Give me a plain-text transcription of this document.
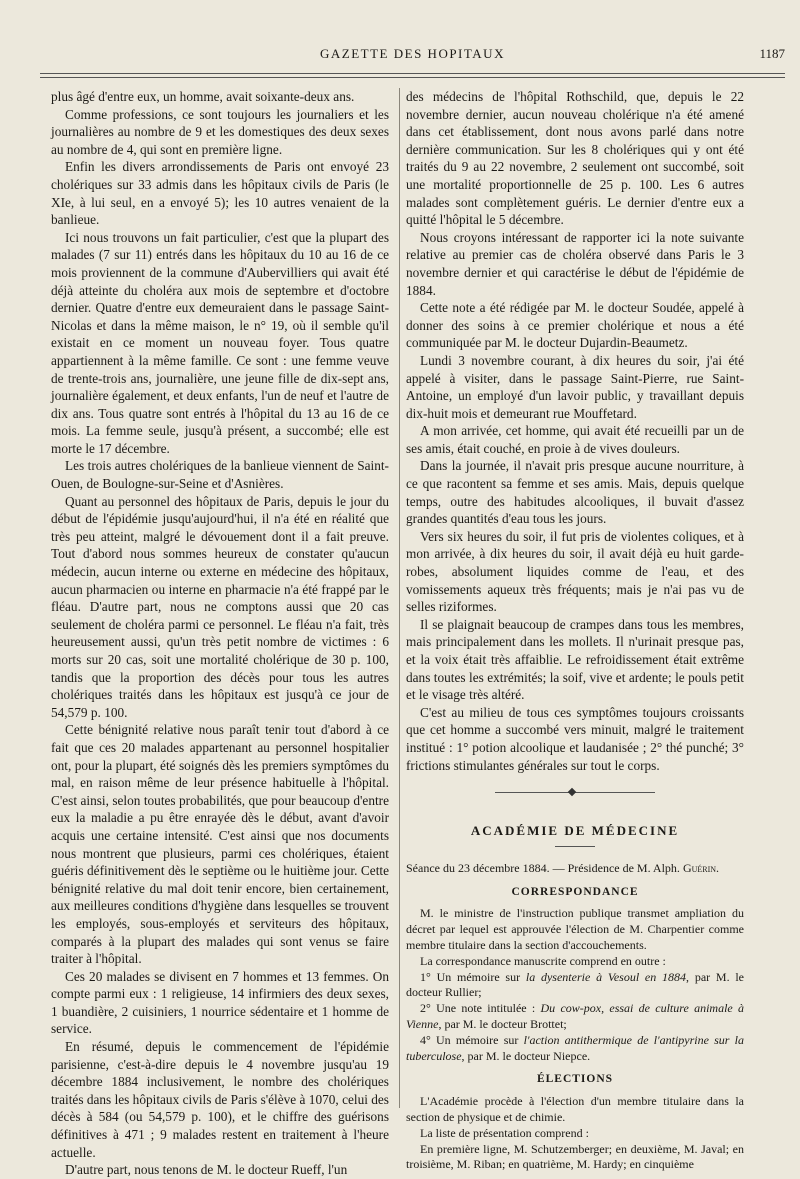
GAZETTE DES HOPITAUX	1187

plus âgé d'entre eux, un homme, avait soixante-deux ans.

Comme professions, ce sont toujours les journaliers et les journalières au nombre de 9 et les domestiques des deux sexes au nombre de 4, qui sont en première ligne.

Enfin les divers arrondissements de Paris ont envoyé 23 cholériques sur 33 admis dans les hôpitaux civils de Paris (le XIe, à lui seul, en a envoyé 5); les 10 autres venaient de la banlieue.

Ici nous trouvons un fait particulier, c'est que la plupart des malades (7 sur 11) entrés dans les hôpitaux du 10 au 16 de ce mois proviennent de la commune d'Aubervilliers qui avait été déjà atteinte du choléra aux mois de septembre et d'octobre dernier. Quatre d'entre eux demeuraient dans le passage Saint-Nicolas et dans la même maison, le n° 19, où il semble qu'il existait en ce moment un nouveau foyer. Tous quatre appartiennent à la même famille. Ce sont : une femme veuve de trente-trois ans, journalière, une jeune fille de dix-sept ans, journalière également, et deux enfants, l'un de neuf et l'autre de dix ans. Tous quatre sont entrés à l'hôpital du 13 au 16 de ce mois. La femme seule, jusqu'à présent, a succombé; elle est morte le 17 décembre.

Les trois autres cholériques de la banlieue viennent de Saint-Ouen, de Boulogne-sur-Seine et d'Asnières.

Quant au personnel des hôpitaux de Paris, depuis le jour du début de l'épidémie jusqu'aujourd'hui, il n'a été en réalité que très peu atteint, malgré le dévouement dont il a fait preuve. Tout d'abord nous sommes heureux de constater qu'aucun médecin, aucun interne ou externe en médecine des hôpitaux, aucun pharmacien ou interne en pharmacie n'a été frappé par le fléau. D'autre part, nous ne comptons aussi que 20 cas seulement de choléra parmi ce personnel. Le fléau n'a fait, très heureusement aussi, qu'un très petit nombre de victimes : 6 morts sur 20 cas, soit une mortalité cholérique de 30 p. 100, tandis que la proportion des décès pour tous les autres cholériques traités dans les hôpitaux est jusqu'à ce jour de 54,579 p. 100.

Cette bénignité relative nous paraît tenir tout d'abord à ce fait que ces 20 malades appartenant au personnel hospitalier ont, pour la plupart, été soignés dès les premiers symptômes du mal, en raison même de leur présence habituelle à l'hôpital. C'est ainsi, selon toutes probabilités, que pour beaucoup d'entre eux la maladie a pu être enrayée dès le début, avant d'avoir acquis une certaine intensité. C'est ainsi que nos documents nous montrent que plusieurs, parmi ces cholériques, étaient guéris définitivement dès le septième ou le huitième jour. Cette bénignité relative du mal doit tenir encore, bien certainement, aux meilleures conditions d'hygiène dans lesquelles se trouvent les employés, sous-employés et serviteurs des hôpitaux, comparés à la plupart des malades qui sont venus se faire traiter à l'hôpital.

Ces 20 malades se divisent en 7 hommes et 13 femmes. On compte parmi eux : 1 religieuse, 14 infirmiers des deux sexes, 1 buandière, 2 cuisiniers, 1 nourrice sédentaire et 1 homme de service.

En résumé, depuis le commencement de l'épidémie parisienne, c'est-à-dire depuis le 4 novembre jusqu'au 19 décembre 1884 inclusivement, le nombre des cholériques traités dans les hôpitaux civils de Paris s'élève à 1070, celui des décès à 584 (ou 54,579 p. 100), et le chiffre des guérisons définitives à 471 ; 9 malades restent en traitement à l'heure actuelle.

D'autre part, nous tenons de M. le docteur Rueff, l'un

des médecins de l'hôpital Rothschild, que, depuis le 22 novembre dernier, aucun nouveau cholérique n'a été amené dans cet établissement, dont nous avons parlé dans notre dernière communication. Sur les 8 cholériques qui y ont été traités du 9 au 22 novembre, 2 seulement ont succombé, soit une mortalité proportionnelle de 25 p. 100. Les 6 autres malades sont complètement guéris. Le dernier d'entre eux a quitté l'hôpital le 5 décembre.

Nous croyons intéressant de rapporter ici la note suivante relative au premier cas de choléra observé dans Paris le 3 novembre dernier et qui caractérise le début de l'épidémie de 1884.

Cette note a été rédigée par M. le docteur Soudée, appelé à donner des soins à ce premier cholérique et nous a été communiquée par M. le docteur Dujardin-Beaumetz.

Lundi 3 novembre courant, à dix heures du soir, j'ai été appelé à visiter, dans le passage Saint-Pierre, rue Saint-Antoine, un employé d'un lavoir public, y travaillant depuis dix-huit mois et demeurant rue Mouffetard.

A mon arrivée, cet homme, qui avait été recueilli par un de ses amis, était couché, en proie à de vives douleurs.

Dans la journée, il n'avait pris presque aucune nourriture, à ce que racontent sa femme et ses amis. Mais, depuis quelque temps, outre des habitudes alcooliques, il buvait d'assez grandes quantités d'eau tous les jours.

Vers six heures du soir, il fut pris de violentes coliques, et à mon arrivée, à dix heures du soir, il avait déjà eu huit garde-robes, absolument liquides comme de l'eau, et des vomissements aqueux très fréquents; mais je n'ai pas vu de selles riziformes.

Il se plaignait beaucoup de crampes dans tous les membres, mais principalement dans les mollets. Il n'urinait presque pas, et la voix était très affaiblie. Le refroidissement était extrême dans toutes les extrémités; la soif, vive et ardente; le pouls petit et le visage très altéré.

C'est au milieu de tous ces symptômes toujours croissants que cet homme a succombé vers minuit, malgré le traitement institué : 1° potion alcoolique et laudanisée ; 2° thé punché; 3° frictions stimulantes générales sur tout le corps.

ACADÉMIE DE MÉDECINE

Séance du 23 décembre 1884. — Présidence de M. Alph. Guérin.

CORRESPONDANCE

M. le ministre de l'instruction publique transmet ampliation du décret par lequel est approuvée l'élection de M. Charpentier comme membre titulaire dans la section d'accouchements.

La correspondance manuscrite comprend en outre :

1° Un mémoire sur la dysenterie à Vesoul en 1884, par M. le docteur Rullier;

2° Une note intitulée : Du cow-pox, essai de culture animale à Vienne, par M. le docteur Brottet;

4° Un mémoire sur l'action antithermique de l'antipyrine sur la tuberculose, par M. le docteur Niepce.

ÉLECTIONS

L'Académie procède à l'élection d'un membre titulaire dans la section de physique et de chimie.

La liste de présentation comprend :

En première ligne, M. Schutzemberger; en deuxième, M. Javal; en troisième, M. Riban; en quatrième, M. Hardy; en cinquième
